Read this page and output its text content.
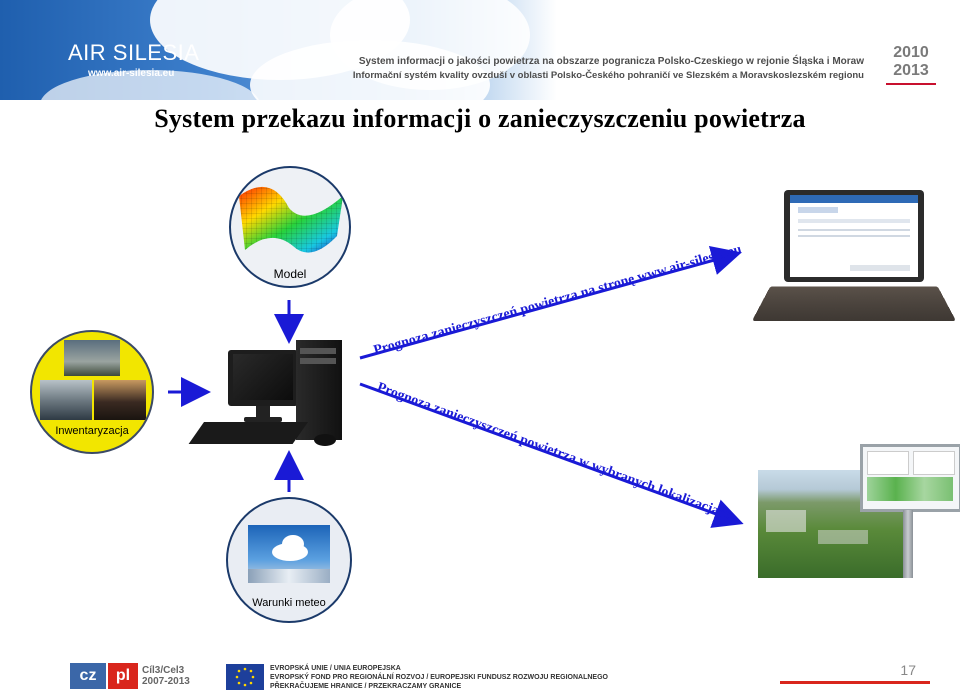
AIR SILESIA
www.air-silesia.eu
System informacji o jakości powietrza na obszarze pogranicza Polsko-Czeskiego w rejonie Śląska i Moraw
Informační systém kvality ovzduší v oblasti Polsko-Českého pohraničí ve Slezském a Moravskoslezském regionu
2010
2013
System przekazu informacji o zanieczyszczeniu powietrza
Prognoza zanieczyszczeń powietrza na stronę www.air-silesia.eu
Prognoza zanieczyszczeń powietrza w wybranych lokalizacjach
Model
Inwentaryzacja
Warunki meteo
cz	pl	Cíl3/Cel3
2007-2013
EVROPSKÁ UNIE / UNIA EUROPEJSKA
EVROPSKÝ FOND PRO REGIONÁLNÍ ROZVOJ / EUROPEJSKI FUNDUSZ ROZWOJU REGIONALNEGO
PŘEKRAČUJEME HRANICE / PRZEKRACZAMY GRANICE
17
